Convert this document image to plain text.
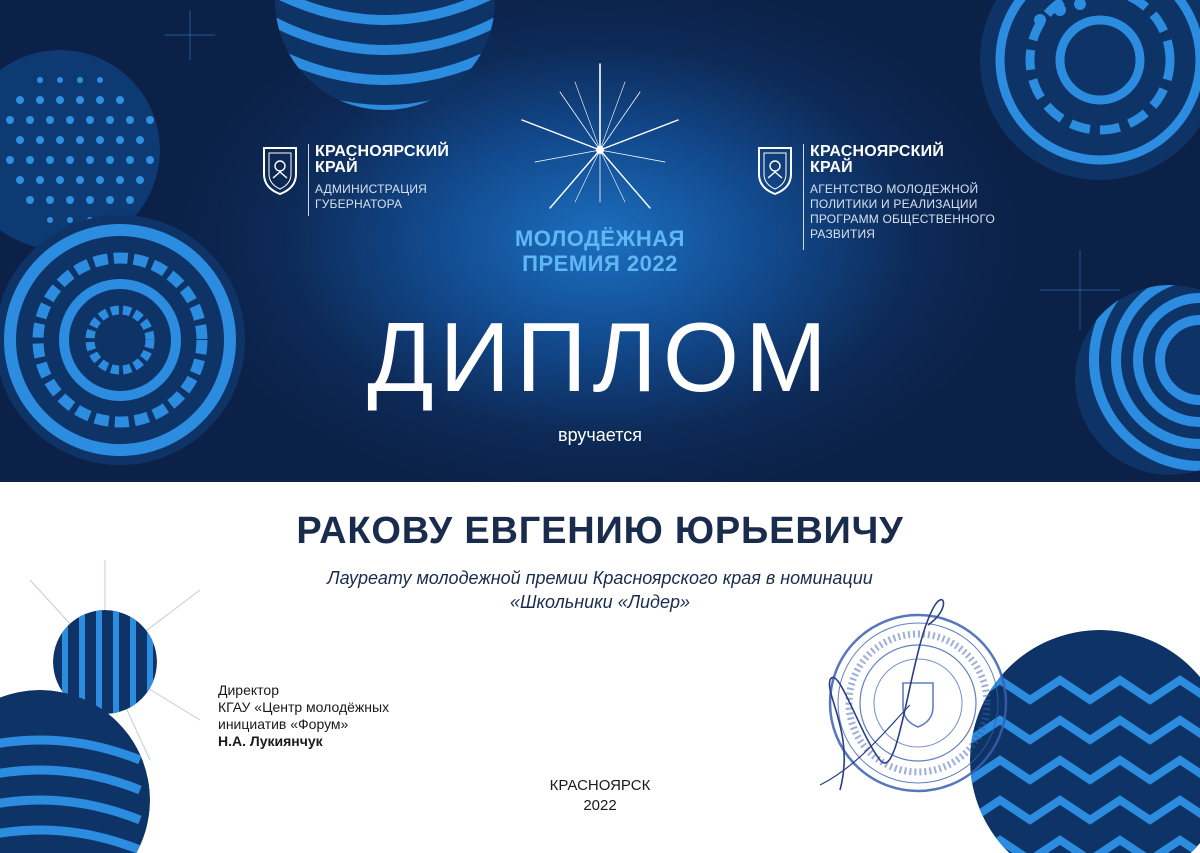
КРАСНОЯРСКИЙ КРАЙ
АДМИНИСТРАЦИЯ ГУБЕРНАТОРА
КРАСНОЯРСКИЙ КРАЙ
АГЕНТСТВО МОЛОДЕЖНОЙ ПОЛИТИКИ И РЕАЛИЗАЦИИ ПРОГРАММ ОБЩЕСТВЕННОГО РАЗВИТИЯ
МОЛОДЁЖНАЯ
ПРЕМИЯ 2022
ДИПЛОМ
вручается
РАКОВУ ЕВГЕНИЮ ЮРЬЕВИЧУ
Лауреату молодежной премии Красноярского края в номинации
«Школьники «Лидер»
Директор
КГАУ «Центр молодёжных
инициатив «Форум»
Н.А. Лукиянчук
КРАСНОЯРСК
2022
